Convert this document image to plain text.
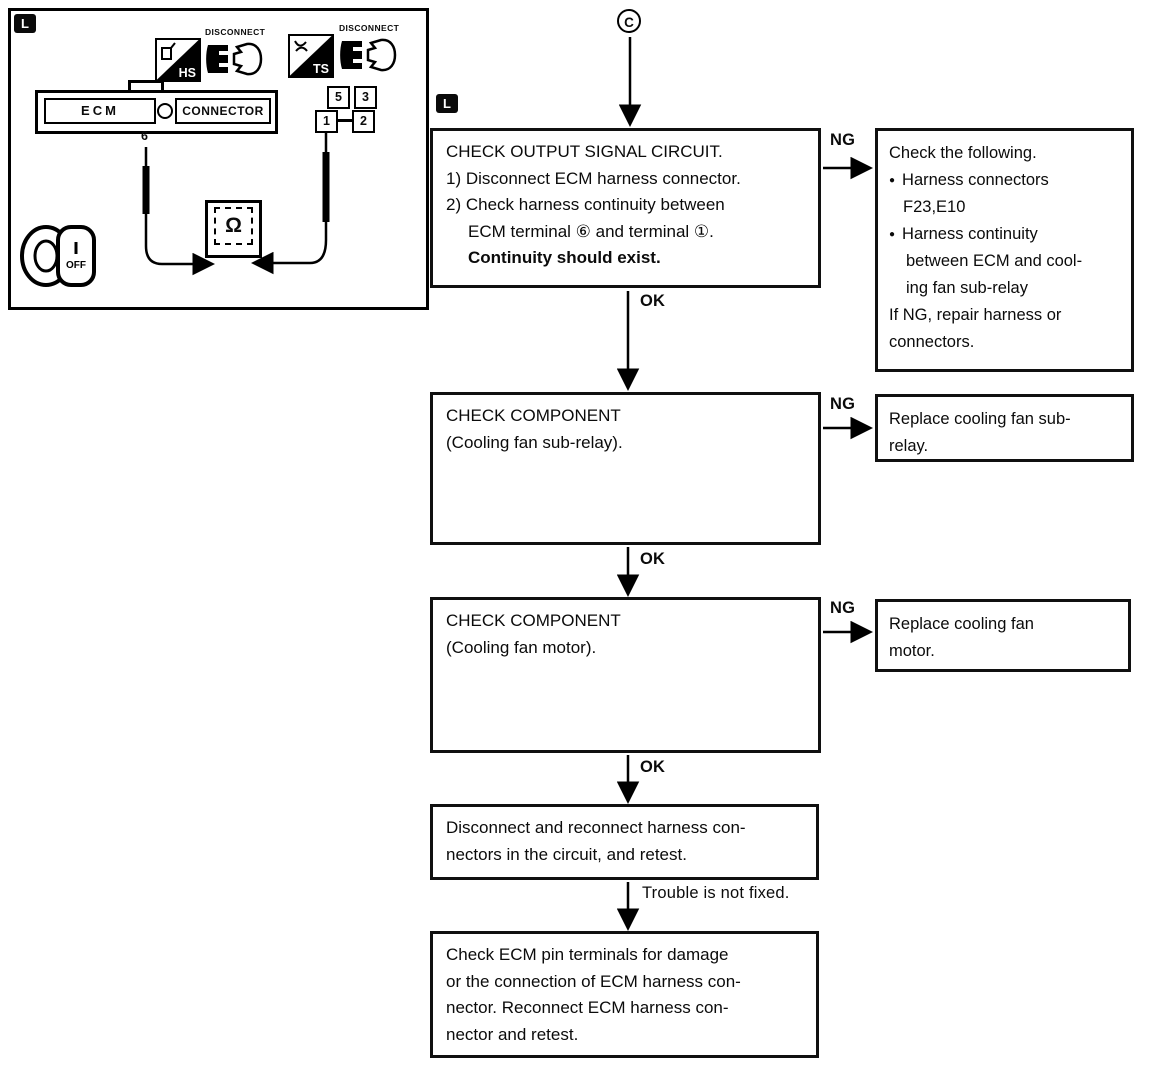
L
HS
DISCONNECT
TS
DISCONNECT
ECM	CONNECTOR
6
5	3
1	2
Ω
OFF
C
L
CHECK OUTPUT SIGNAL CIRCUIT.
1) Disconnect ECM harness connector.
2) Check harness continuity between
ECM terminal ⑥ and terminal ①.
Continuity should exist.
NG
Check the following.
● Harness connectors
F23,E10
● Harness continuity
between ECM and cool-
ing fan sub-relay
If NG, repair harness or
connectors.
OK
CHECK COMPONENT
(Cooling fan sub-relay).
NG
Replace cooling fan sub-
relay.
OK
CHECK COMPONENT
(Cooling fan motor).
NG
Replace cooling fan
motor.
OK
Disconnect and reconnect harness con-
nectors in the circuit, and retest.
Trouble is not fixed.
Check ECM pin terminals for damage
or the connection of ECM harness con-
nector. Reconnect ECM harness con-
nector and retest.
